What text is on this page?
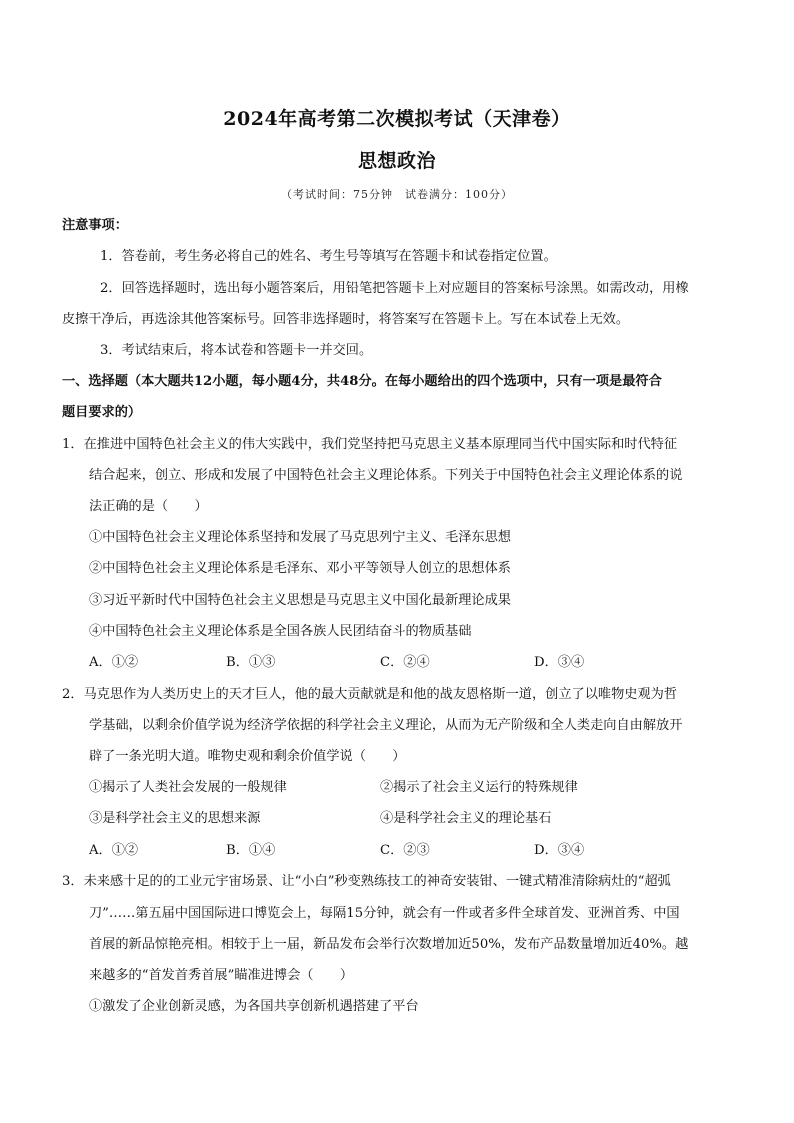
2024年高考第二次模拟考试（天津卷）
思想政治
（考试时间：75分钟　试卷满分：100分）
注意事项：
1．答卷前，考生务必将自己的姓名、考生号等填写在答题卡和试卷指定位置。
2．回答选择题时，选出每小题答案后，用铅笔把答题卡上对应题目的答案标号涂黑。如需改动，用橡
皮擦干净后，再选涂其他答案标号。回答非选择题时，将答案写在答题卡上。写在本试卷上无效。
3．考试结束后，将本试卷和答题卡一并交回。
一、选择题（本大题共12小题，每小题4分，共48分。在每小题给出的四个选项中，只有一项是最符合
题目要求的）
1．在推进中国特色社会主义的伟大实践中，我们党坚持把马克思主义基本原理同当代中国实际和时代特征
结合起来，创立、形成和发展了中国特色社会主义理论体系。下列关于中国特色社会主义理论体系的说
法正确的是（　　）
①中国特色社会主义理论体系坚持和发展了马克思列宁主义、毛泽东思想
②中国特色社会主义理论体系是毛泽东、邓小平等领导人创立的思想体系
③习近平新时代中国特色社会主义思想是马克思主义中国化最新理论成果
④中国特色社会主义理论体系是全国各族人民团结奋斗的物质基础
A．①②	B．①③	C．②④	D．③④
2．马克思作为人类历史上的天才巨人，他的最大贡献就是和他的战友恩格斯一道，创立了以唯物史观为哲
学基础，以剩余价值学说为经济学依据的科学社会主义理论，从而为无产阶级和全人类走向自由解放开
辟了一条光明大道。唯物史观和剩余价值学说（　　）
①揭示了人类社会发展的一般规律	②揭示了社会主义运行的特殊规律
③是科学社会主义的思想来源	④是科学社会主义的理论基石
A．①②	B．①④	C．②③	D．③④
3．未来感十足的的工业元宇宙场景、让“小白”秒变熟练技工的神奇安装钳、一键式精准清除病灶的“超弧
刀”……第五届中国国际进口博览会上，每隔15分钟，就会有一件或者多件全球首发、亚洲首秀、中国
首展的新品惊艳亮相。相较于上一届，新品发布会举行次数增加近50%，发布产品数量增加近40%。越
来越多的“首发首秀首展”瞄准进博会（　　）
①激发了企业创新灵感，为各国共享创新机遇搭建了平台
